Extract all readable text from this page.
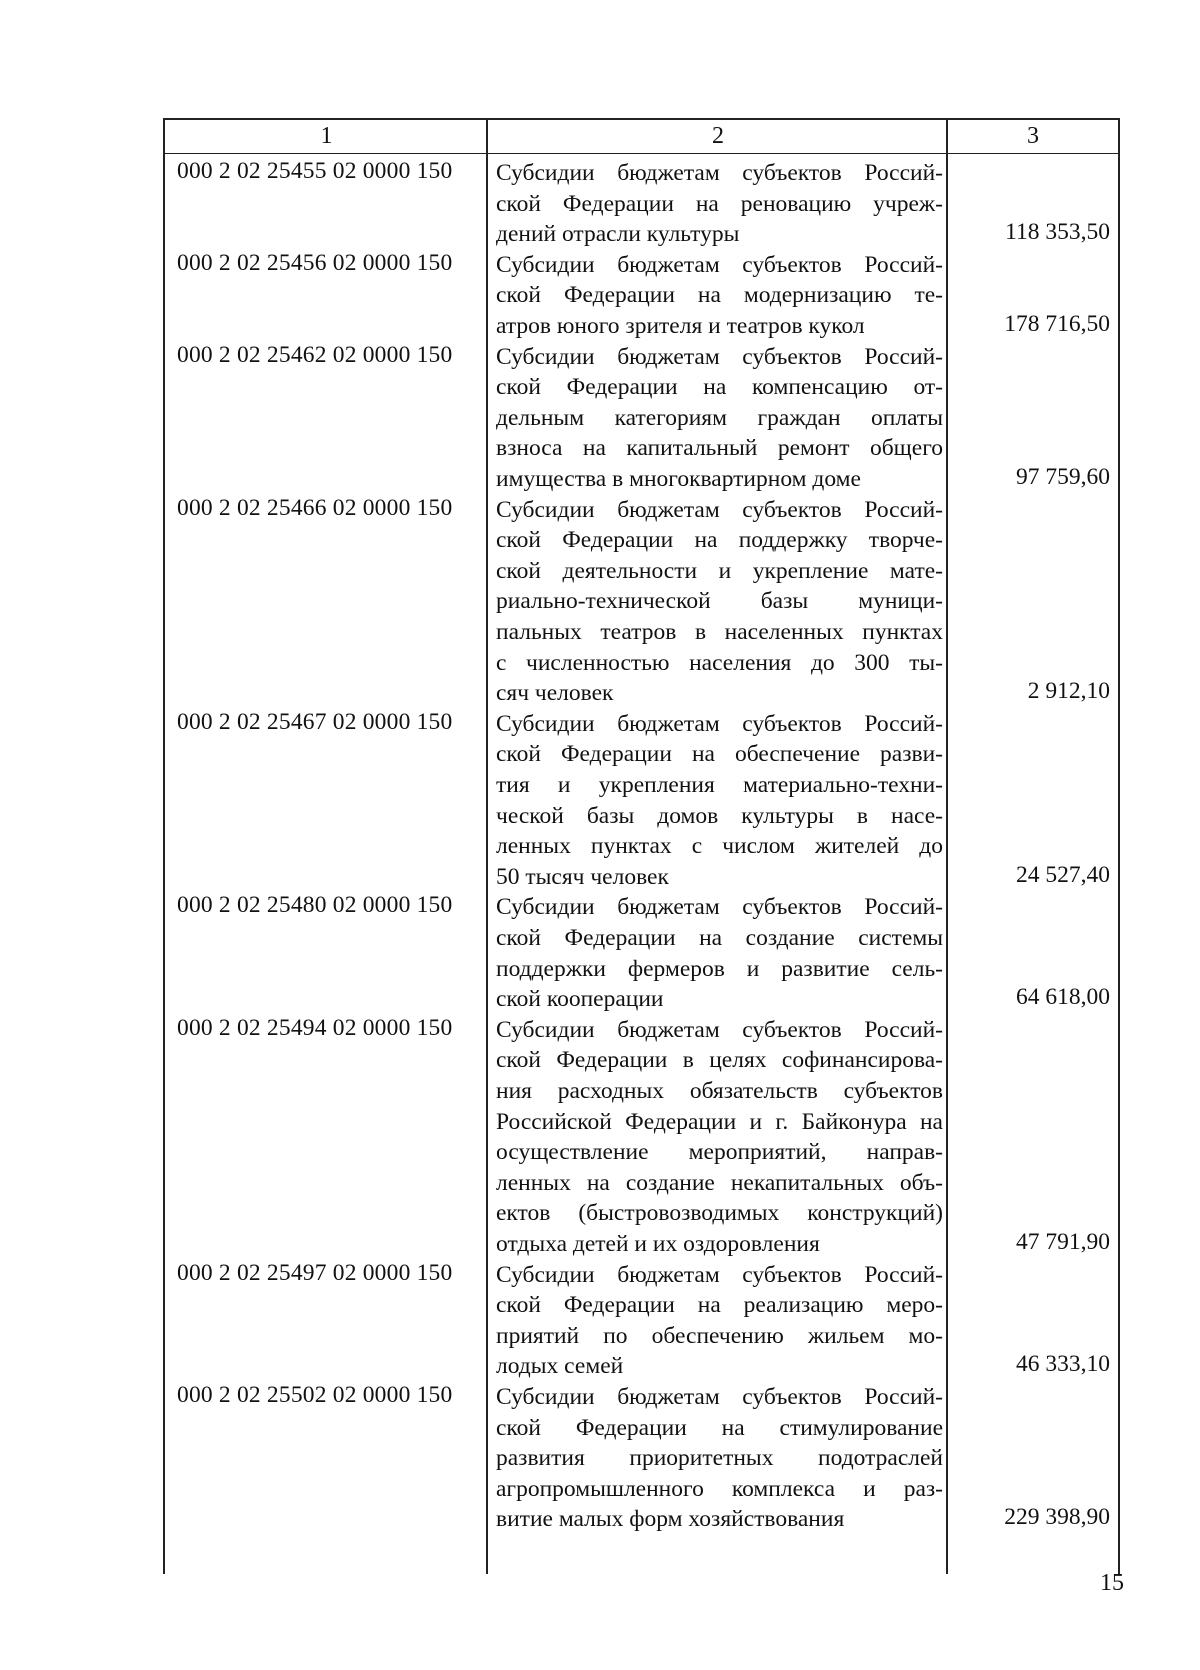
1	2	3
000 2 02 25455 02 0000 150	Субсидии бюджетам субъектов Россий-
ской Федерации на реновацию учреж-
дений отрасли культуры	118 353,50
000 2 02 25456 02 0000 150	Субсидии бюджетам субъектов Россий-
ской Федерации на модернизацию те-
атров юного зрителя и театров кукол	178 716,50
000 2 02 25462 02 0000 150	Субсидии бюджетам субъектов Россий-
ской Федерации на компенсацию от-
дельным категориям граждан оплаты
взноса на капитальный ремонт общего
имущества в многоквартирном доме	97 759,60
000 2 02 25466 02 0000 150	Субсидии бюджетам субъектов Россий-
ской Федерации на поддержку творче-
ской деятельности и укрепление мате-
риально-технической базы муници-
пальных театров в населенных пунктах
с численностью населения до 300 ты-
сяч человек	2 912,10
000 2 02 25467 02 0000 150	Субсидии бюджетам субъектов Россий-
ской Федерации на обеспечение разви-
тия и укрепления материально-техни-
ческой базы домов культуры в насе-
ленных пунктах с числом жителей до
50 тысяч человек	24 527,40
000 2 02 25480 02 0000 150	Субсидии бюджетам субъектов Россий-
ской Федерации на создание системы
поддержки фермеров и развитие сель-
ской кооперации	64 618,00
000 2 02 25494 02 0000 150	Субсидии бюджетам субъектов Россий-
ской Федерации в целях софинансирова-
ния расходных обязательств субъектов
Российской Федерации и г. Байконура на
осуществление мероприятий, направ-
ленных на создание некапитальных объ-
ектов (быстровозводимых конструкций)
отдыха детей и их оздоровления	47 791,90
000 2 02 25497 02 0000 150	Субсидии бюджетам субъектов Россий-
ской Федерации на реализацию меро-
приятий по обеспечению жильем мо-
лодых семей	46 333,10
000 2 02 25502 02 0000 150	Субсидии бюджетам субъектов Россий-
ской Федерации на стимулирование
развития приоритетных подотраслей
агропромышленного комплекса и раз-
витие малых форм хозяйствования	229 398,90
15
